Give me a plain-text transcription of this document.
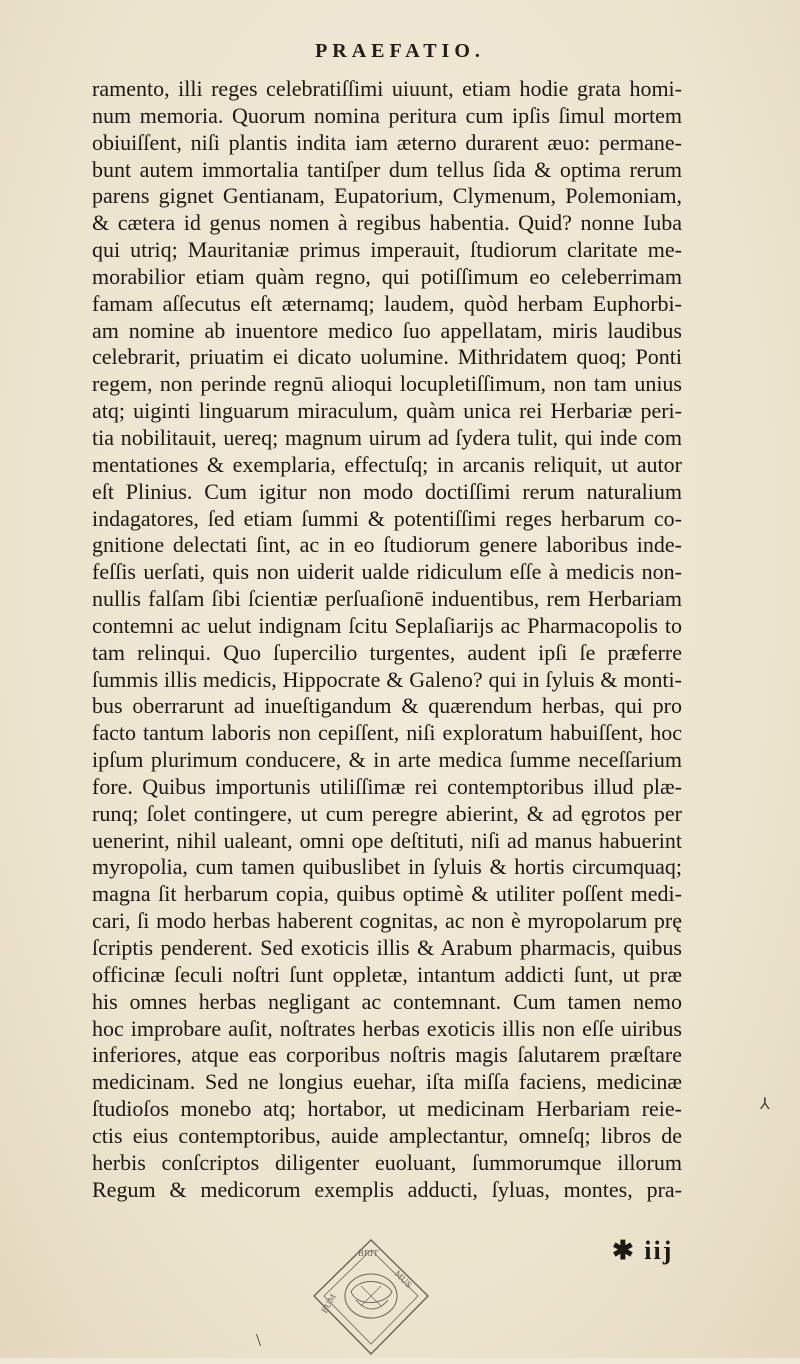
PRAEFATIO.
ramento, illi reges celebratiſſimi uiuunt, etiam hodie grata homi-
num memoria. Quorum nomina peritura cum ipſis ſimul mortem
obiuiſſent, niſi plantis indita iam æterno durarent æuo: permane-
bunt autem immortalia tantiſper dum tellus ſida & optima rerum
parens gignet Gentianam, Eupatorium, Clymenum, Polemoniam,
& cætera id genus nomen à regibus habentia. Quid? nonne Iuba
qui utriq; Mauritaniæ primus imperauit, ſtudiorum claritate me-
morabilior etiam quàm regno, qui potiſſimum eo celeberrimam
famam aſſecutus eſt æternamq; laudem, quòd herbam Euphorbi-
am nomine ab inuentore medico ſuo appellatam, miris laudibus
celebrarit, priuatim ei dicato uolumine. Mithridatem quoq; Ponti
regem, non perinde regnū alioqui locupletiſſimum, non tam unius
atq; uiginti linguarum miraculum, quàm unica rei Herbariæ peri-
tia nobilitauit, uereq; magnum uirum ad ſydera tulit, qui inde com
mentationes & exemplaria, effectuſq; in arcanis reliquit, ut autor
eſt Plinius. Cum igitur non modo doctiſſimi rerum naturalium
indagatores, ſed etiam ſummi & potentiſſimi reges herbarum co-
gnitione delectati ſint, ac in eo ſtudiorum genere laboribus inde-
feſſis uerſati, quis non uiderit ualde ridiculum eſſe à medicis non-
nullis falſam ſibi ſcientiæ perſuaſionē induentibus, rem Herbariam
contemni ac uelut indignam ſcitu Seplaſiarijs ac Pharmacopolis to
tam relinqui. Quo ſupercilio turgentes, audent ipſi ſe præferre
ſummis illis medicis, Hippocrate & Galeno? qui in ſyluis & monti-
bus oberrarunt ad inueſtigandum & quærendum herbas, qui pro
facto tantum laboris non cepiſſent, niſi exploratum habuiſſent, hoc
ipſum plurimum conducere, & in arte medica ſumme neceſſarium
fore. Quibus importunis utiliſſimæ rei contemptoribus illud plæ-
runq; ſolet contingere, ut cum peregre abierint, & ad ęgrotos per
uenerint, nihil ualeant, omni ope deſtituti, niſi ad manus habuerint
myropolia, cum tamen quibuslibet in ſyluis & hortis circumquaq;
magna ſit herbarum copia, quibus optimè & utiliter poſſent medi-
cari, ſi modo herbas haberent cognitas, ac non è myropolarum prę
ſcriptis penderent. Sed exoticis illis & Arabum pharmacis, quibus
officinæ ſeculi noſtri ſunt oppletæ, intantum addicti ſunt, ut præ
his omnes herbas negligant ac contemnant. Cum tamen nemo
hoc improbare auſit, noſtrates herbas exoticis illis non eſſe uiribus
inferiores, atque eas corporibus noſtris magis ſalutarem præſtare
medicinam. Sed ne longius euehar, iſta miſſa faciens, medicinæ
ſtudioſos monebo atq; hortabor, ut medicinam Herbariam reie-
ctis eius contemptoribus, auide amplectantur, omneſq; libros de
herbis conſcriptos diligenter euoluant, ſummorumque illorum
Regum & medicorum exemplis adducti, ſyluas, montes, pra-
BRIT
MUS
EUM
✱ iij
⅄
\
